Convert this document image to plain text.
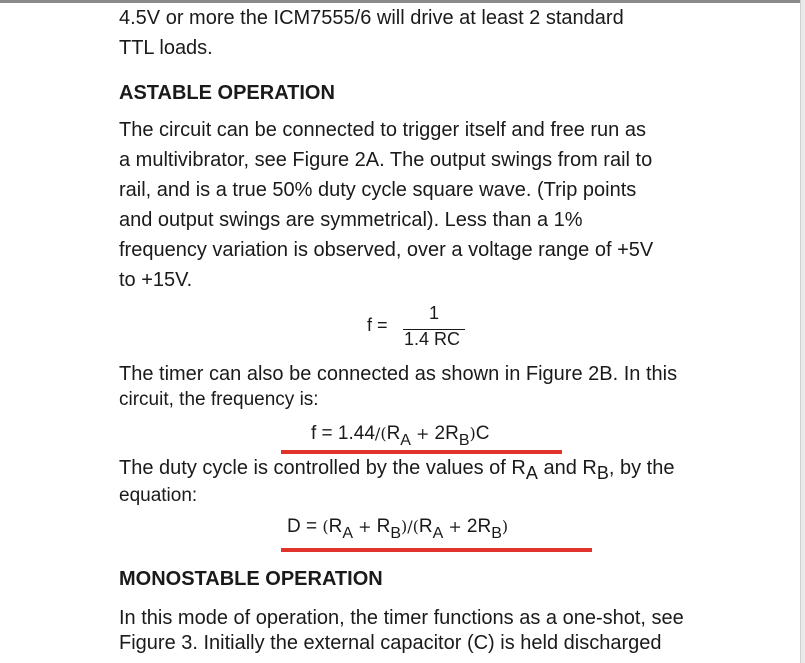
4.5V or more the ICM7555/6 will drive at least 2 standard

TTL loads.

ASTABLE OPERATION

The circuit can be connected to trigger itself and free run as

a multivibrator, see Figure 2A. The output swings from rail to

rail, and is a true 50% duty cycle square wave. (Trip points

and output swings are symmetrical). Less than a 1%

frequency variation is observed, over a voltage range of +5V

to +15V.

f =
1
1.4 RC

The timer can also be connected as shown in Figure 2B. In this

circuit, the frequency is:

$f = 1.44/(R_A + 2R_B)C$

The duty cycle is controlled by the values of $R_A$ and $R_B$, by the

equation:

$D = (R_A + R_B)/(R_A + 2R_B)$
MONOSTABLE OPERATION

In this mode of operation, the timer functions as a one-shot, see

Figure 3. Initially the external capacitor (C) is held discharged
